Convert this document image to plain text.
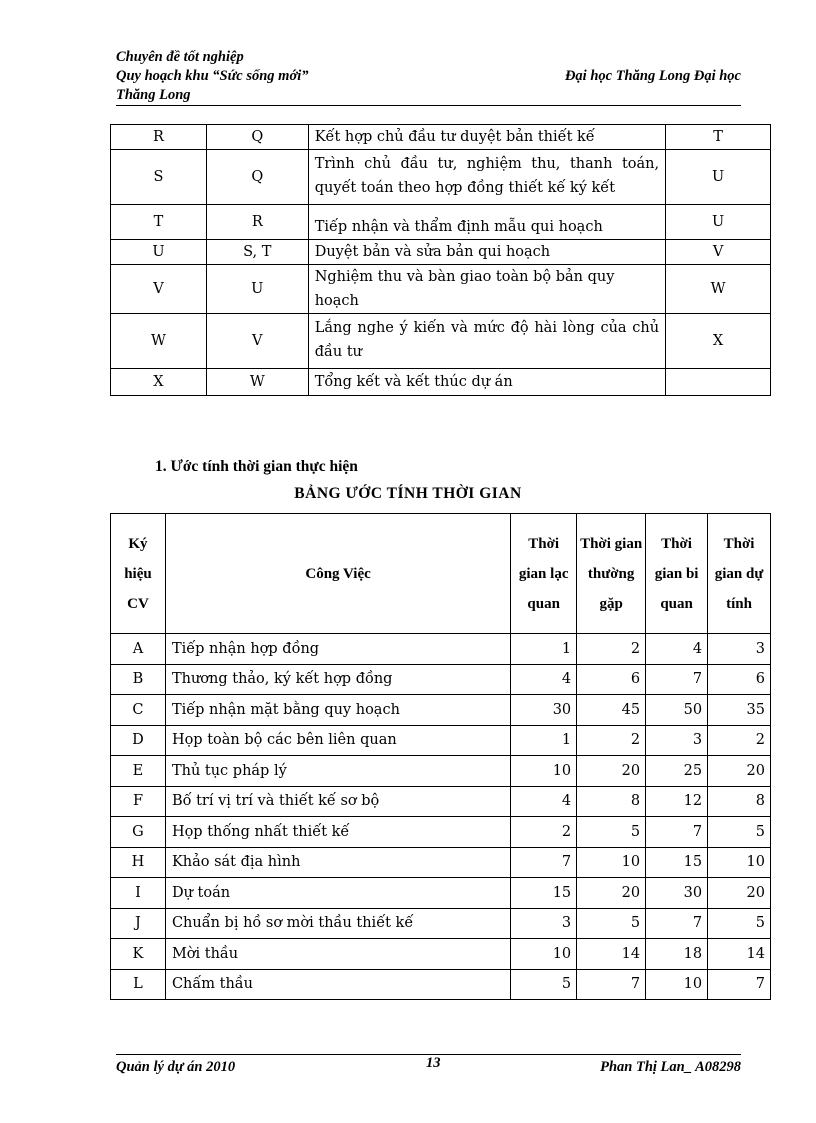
Chuyên đề tốt nghiệp
Quy hoạch khu “Sức sống mới”	Đại học Thăng Long Đại học
Thăng Long
R	Q	Kết hợp chủ đầu tư duyệt bản thiết kế	T
S	Q	Trình chủ đầu tư, nghiệm thu, thanh toán, quyết toán theo hợp đồng thiết kế ký kết	U
T	R	Tiếp nhận và thẩm định mẫu qui hoạch	U
U	S, T	Duyệt bản và sửa bản qui hoạch	V
V	U	Nghiệm thu và bàn giao toàn bộ bản quy hoạch	W
W	V	Lắng nghe ý kiến và mức độ hài lòng của chủ đầu tư	X
X	W	Tổng kết và kết thúc dự án	
1. Ước tính thời gian thực hiện
BẢNG ƯỚC TÍNH THỜI GIAN
Ký hiệu CV	Công Việc	Thời gian lạc quan	Thời gian thường gặp	Thời gian bi quan	Thời gian dự tính
A	Tiếp nhận hợp đồng	1	2	4	3
B	Thương thảo, ký kết hợp đồng	4	6	7	6
C	Tiếp nhận mặt bằng quy hoạch	30	45	50	35
D	Họp toàn bộ các bên liên quan	1	2	3	2
E	Thủ tục pháp lý	10	20	25	20
F	Bố trí vị trí và thiết kế sơ bộ	4	8	12	8
G	Họp thống nhất thiết kế	2	5	7	5
H	Khảo sát địa hình	7	10	15	10
I	Dự toán	15	20	30	20
J	Chuẩn bị hồ sơ mời thầu thiết kế	3	5	7	5
K	Mời thầu	10	14	18	14
L	Chấm thầu	5	7	10	7
Quản lý dự án 2010	13	Phan Thị Lan_ A08298
